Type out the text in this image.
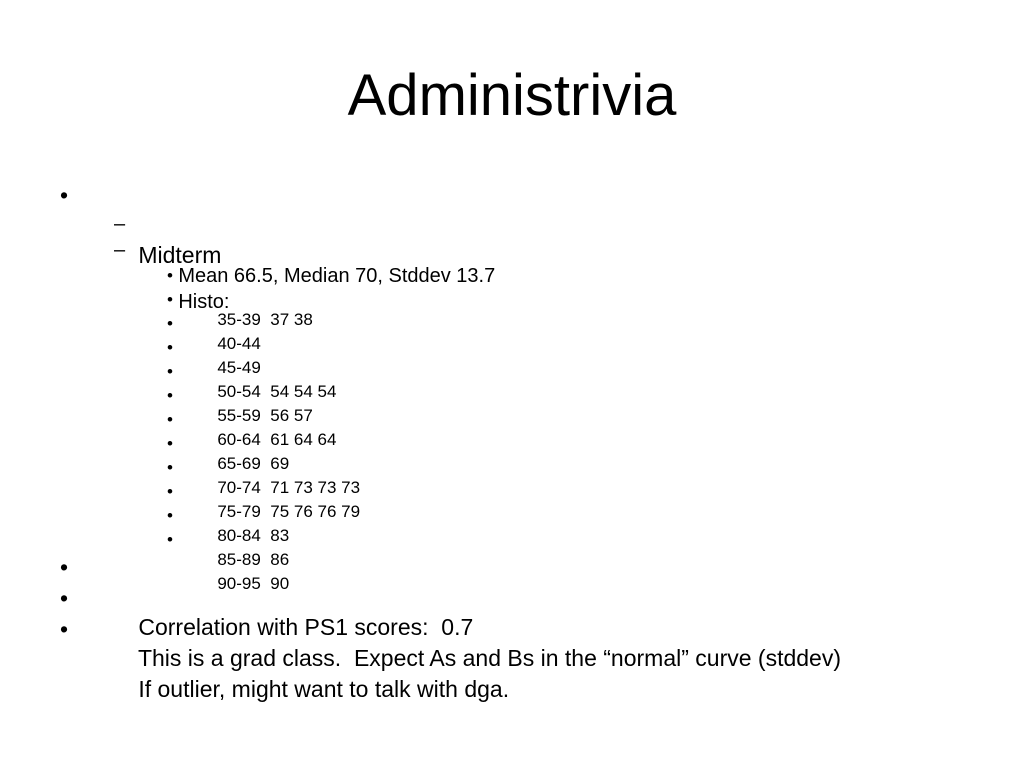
Administrivia

•

Midterm

–

Mean 66.5, Median 70, Stddev 13.7

–

Histo:

•

35-39  37 38

•

40-44

•

45-49

•

50-54  54 54 54

•

55-59  56 57

•

60-64  61 64 64

•

65-69  69

•

70-74  71 73 73 73

•

75-79  75 76 76 79

•

80-84  83

•

85-89  86

•

90-95  90

•

Correlation with PS1 scores:  0.7

•

This is a grad class.  Expect As and Bs in the “normal” curve (stddev)

•

If outlier, might want to talk with dga.
